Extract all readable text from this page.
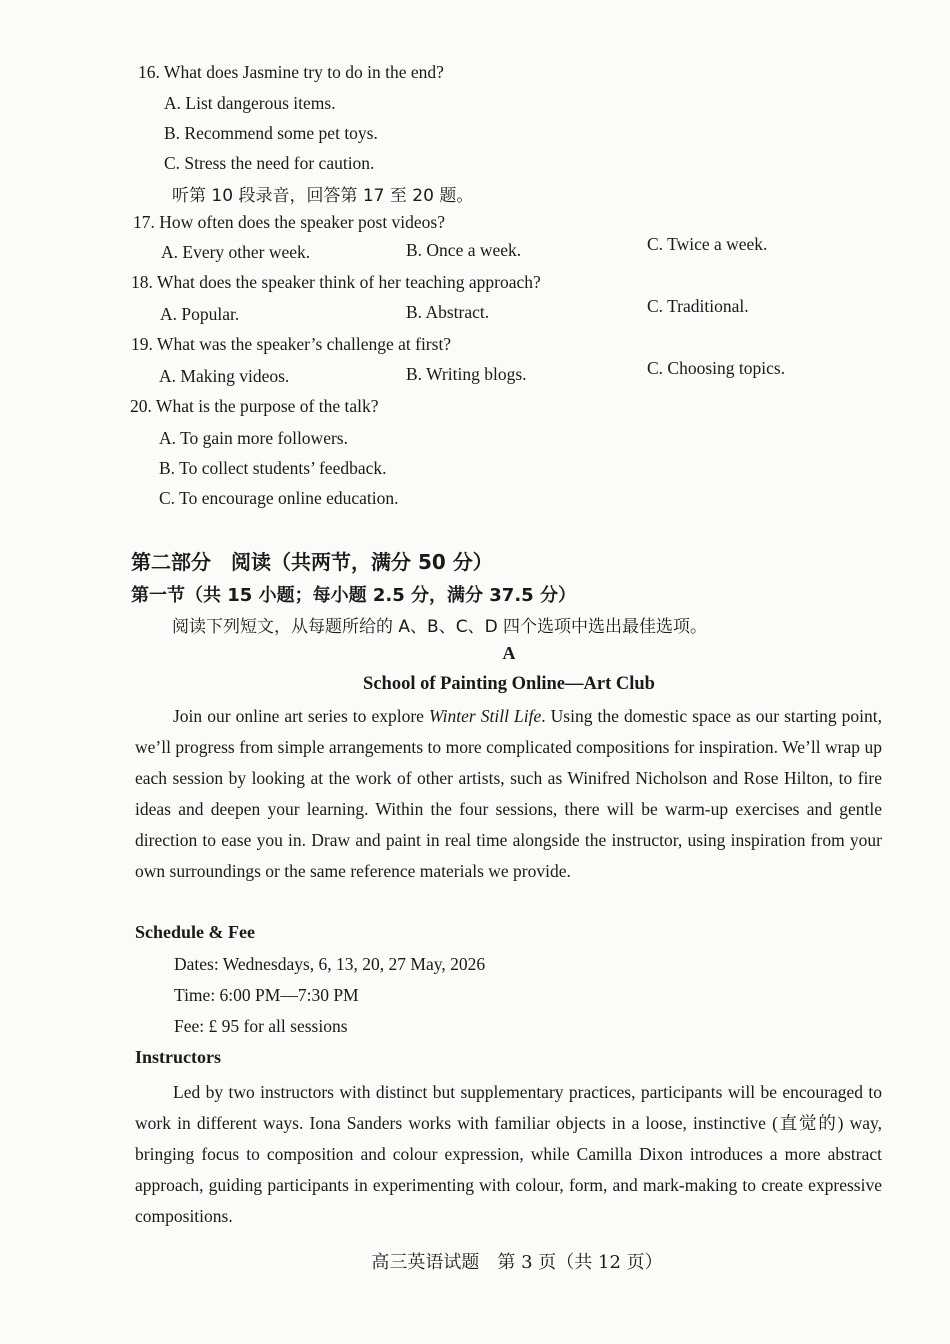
16. What does Jasmine try to do in the end?
A. List dangerous items.
B. Recommend some pet toys.
C. Stress the need for caution.
听第 10 段录音，回答第 17 至 20 题。
17. How often does the speaker post videos?
A. Every other week.	B. Once a week.	C. Twice a week.
18. What does the speaker think of her teaching approach?
A. Popular.	B. Abstract.	C. Traditional.
19. What was the speaker’s challenge at first?
A. Making videos.	B. Writing blogs.	C. Choosing topics.
20. What is the purpose of the talk?
A. To gain more followers.
B. To collect students’ feedback.
C. To encourage online education.
第二部分　阅读（共两节，满分 50 分）
第一节（共 15 小题；每小题 2.5 分，满分 37.5 分）
阅读下列短文，从每题所给的 A、B、C、D 四个选项中选出最佳选项。
A
School of Painting Online—Art Club
Join our online art series to explore Winter Still Life. Using the domestic space as our starting point, we’ll progress from simple arrangements to more complicated compositions for inspiration. We’ll wrap up each session by looking at the work of other artists, such as Winifred Nicholson and Rose Hilton, to fire ideas and deepen your learning. Within the four sessions, there will be warm-up exercises and gentle direction to ease you in. Draw and paint in real time alongside the instructor, using inspiration from your own surroundings or the same reference materials we provide.
Schedule & Fee
Dates: Wednesdays, 6, 13, 20, 27 May, 2026
Time: 6:00 PM—7:30 PM
Fee: £ 95 for all sessions
Instructors
Led by two instructors with distinct but supplementary practices, participants will be encouraged to work in different ways. Iona Sanders works with familiar objects in a loose, instinctive (直觉的) way, bringing focus to composition and colour expression, while Camilla Dixon introduces a more abstract approach, guiding participants in experimenting with colour, form, and mark-making to create expressive compositions.
高三英语试题　第 3 页（共 12 页）
